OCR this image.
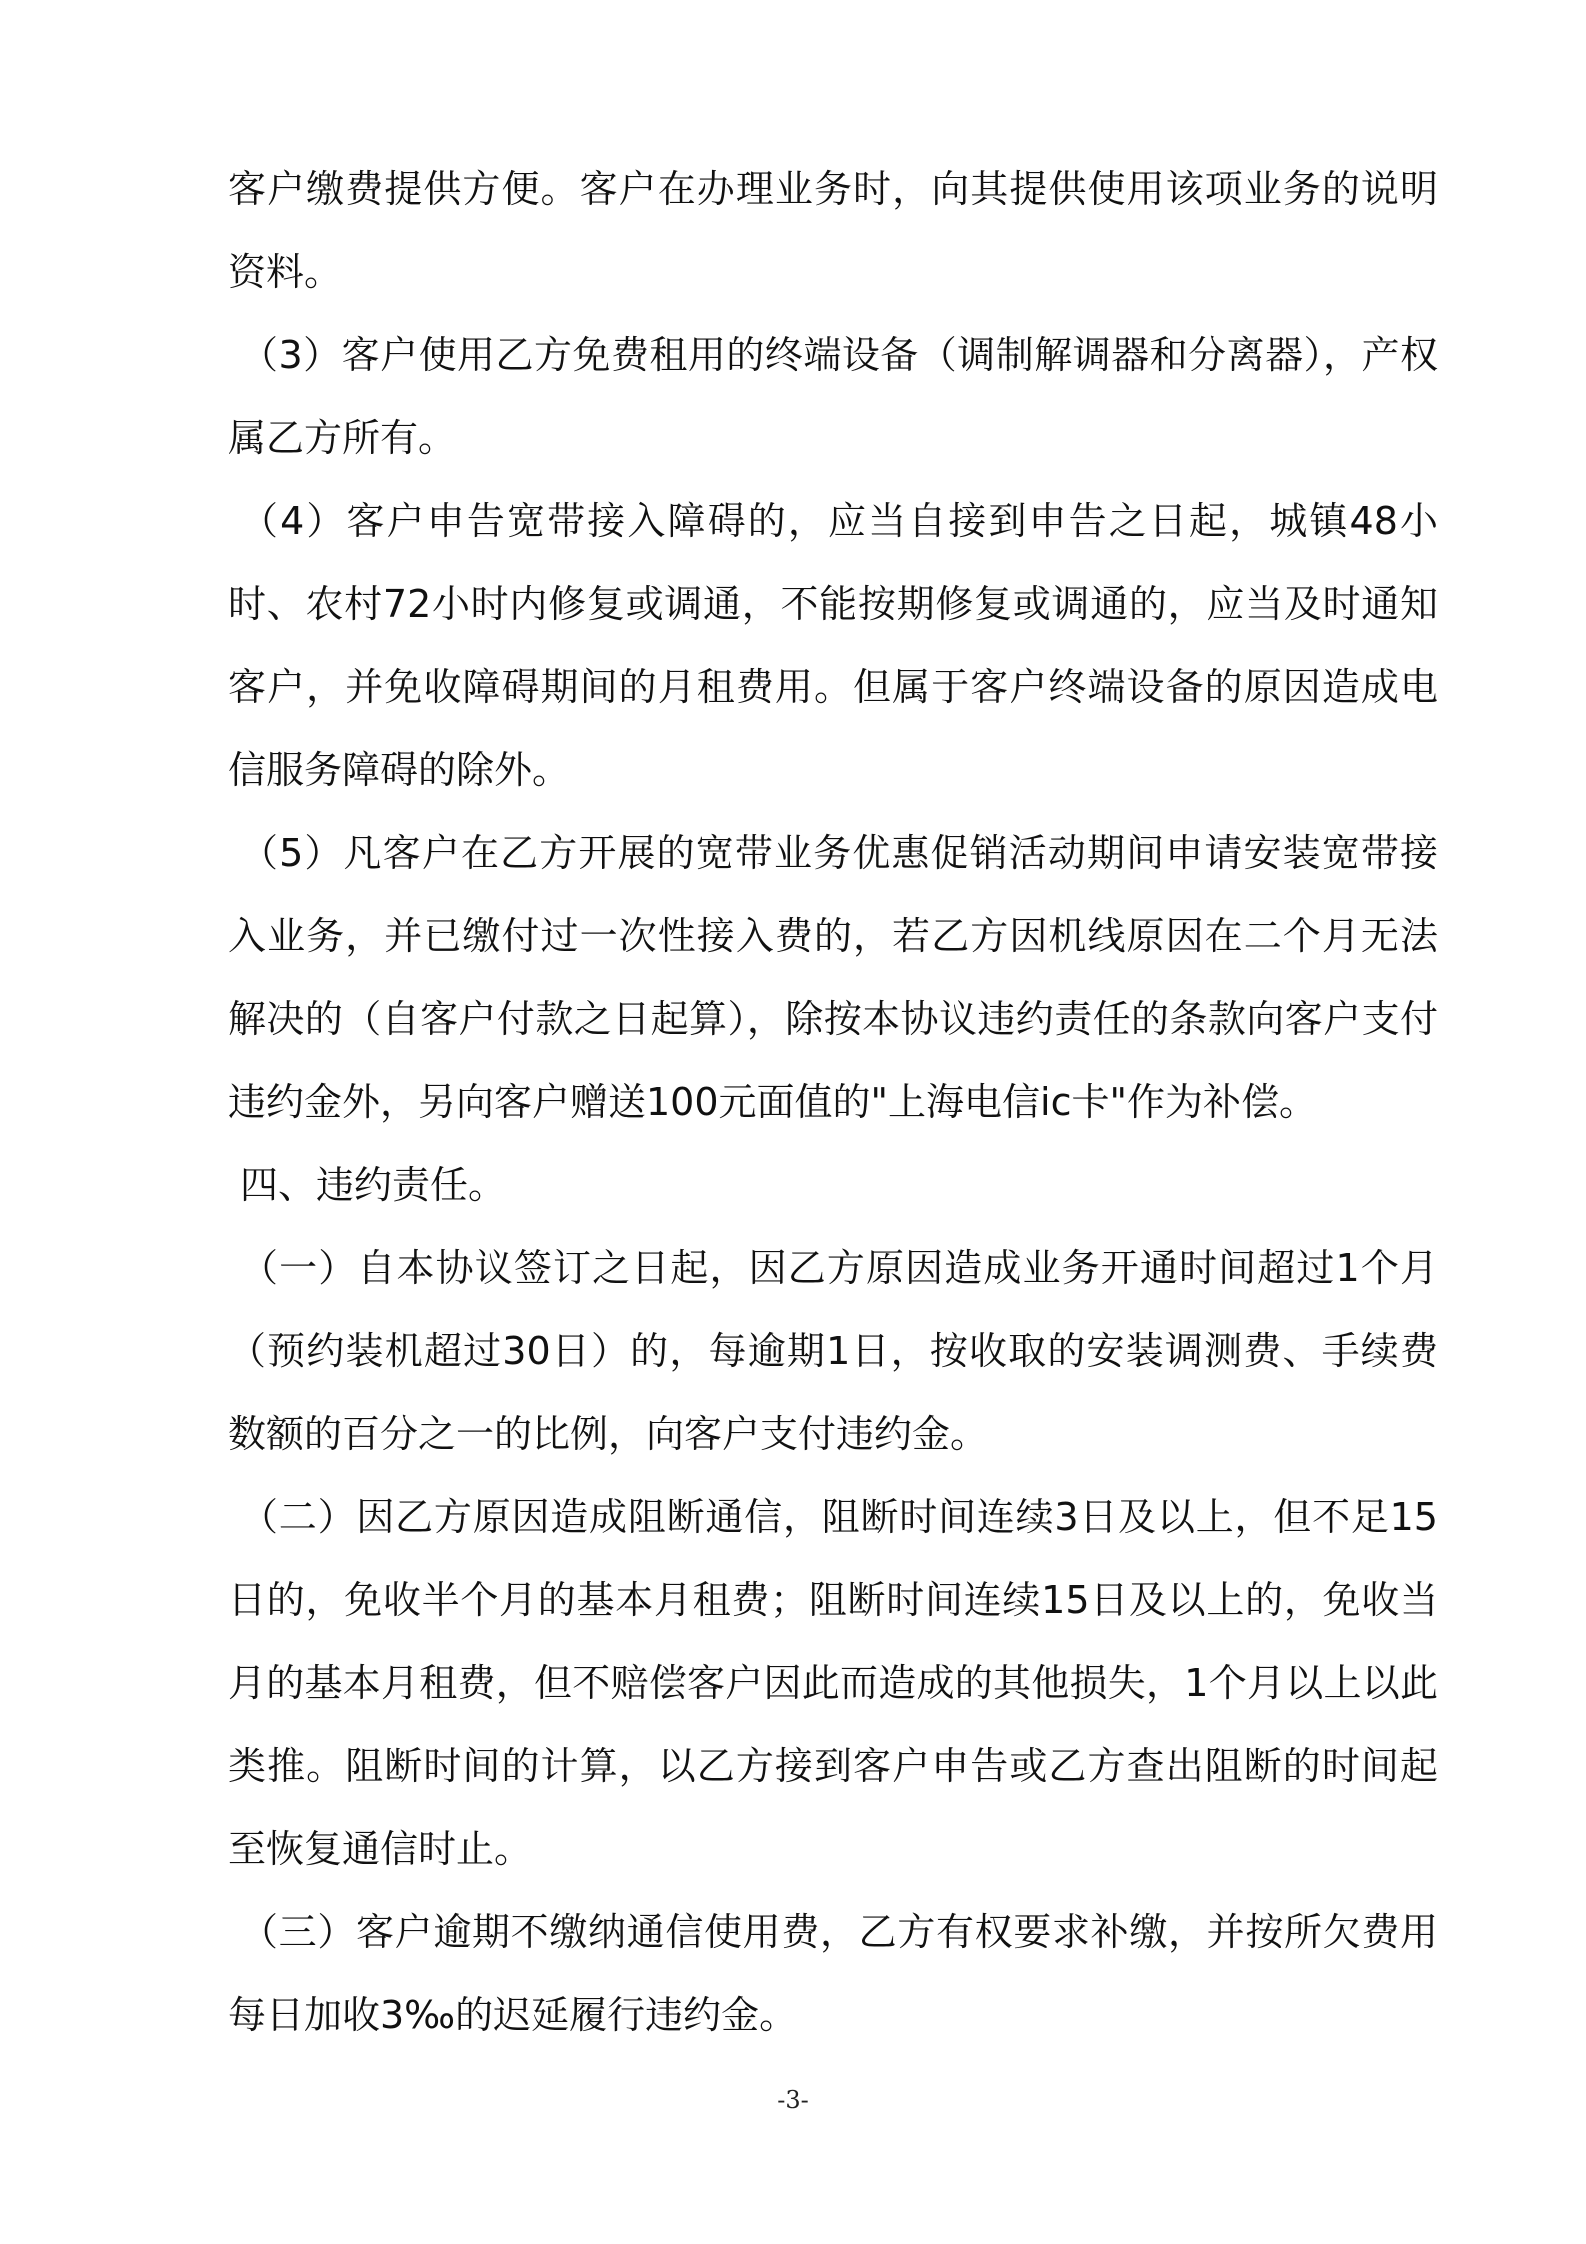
客户缴费提供方便。客户在办理业务时，向其提供使用该项业务的说明资料。

（3）客户使用乙方免费租用的终端设备（调制解调器和分离器），产权属乙方所有。

（4）客户申告宽带接入障碍的，应当自接到申告之日起，城镇48小时、农村72小时内修复或调通，不能按期修复或调通的，应当及时通知客户，并免收障碍期间的月租费用。但属于客户终端设备的原因造成电信服务障碍的除外。

（5）凡客户在乙方开展的宽带业务优惠促销活动期间申请安装宽带接入业务，并已缴付过一次性接入费的，若乙方因机线原因在二个月无法解决的（自客户付款之日起算），除按本协议违约责任的条款向客户支付违约金外，另向客户赠送100元面值的"上海电信ic卡"作为补偿。

四、违约责任。

（一）自本协议签订之日起，因乙方原因造成业务开通时间超过1个月（预约装机超过30日）的，每逾期1日，按收取的安装调测费、手续费数额的百分之一的比例，向客户支付违约金。

（二）因乙方原因造成阻断通信，阻断时间连续3日及以上，但不足15日的，免收半个月的基本月租费；阻断时间连续15日及以上的，免收当月的基本月租费，但不赔偿客户因此而造成的其他损失，1个月以上以此类推。阻断时间的计算，以乙方接到客户申告或乙方查出阻断的时间起至恢复通信时止。

（三）客户逾期不缴纳通信使用费，乙方有权要求补缴，并按所欠费用每日加收3‰的迟延履行违约金。

-3-
